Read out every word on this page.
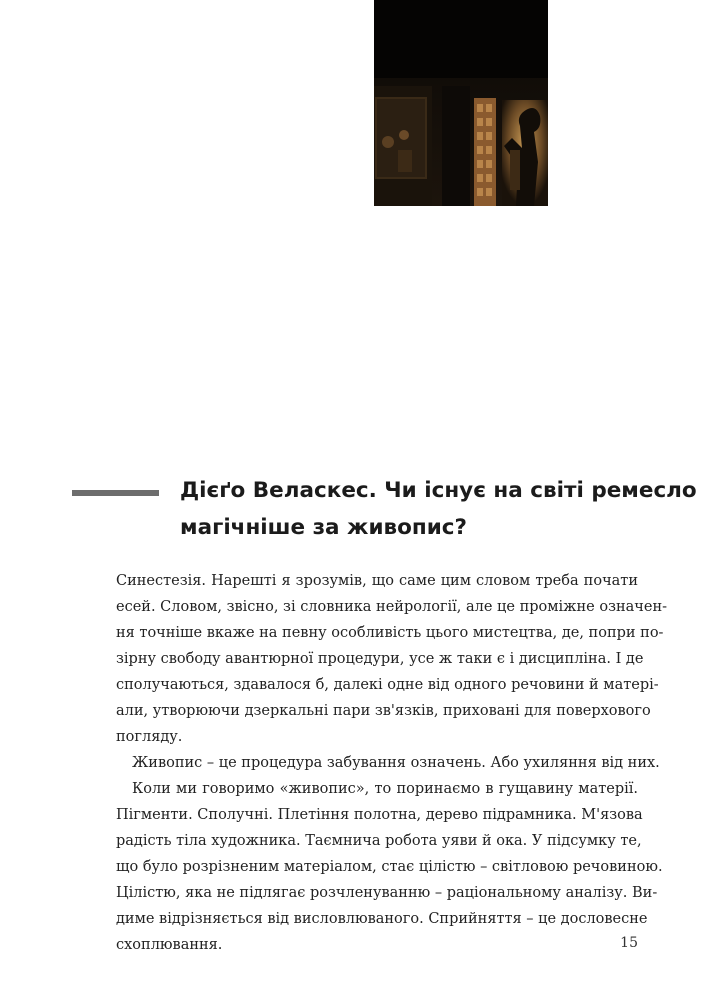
Дієґо Веласкес. Чи існує на світі ремесло
магічніше за живопис?
Синестезія. Нарешті я зрозумів, що саме цим словом треба почати
есей. Словом, звісно, зі словника нейрології, але це проміжне означен-
ня точніше вкаже на певну особливість цього мистецтва, де, попри по-
зірну свободу авантюрної процедури, усе ж таки є і дисципліна. І де
сполучаються, здавалося б, далекі одне від одного речовини й матері-
али, утворюючи дзеркальні пари зв'язків, приховані для поверхового
погляду.
Живопис – це процедура забування означень. Або ухиляння від них.
Коли ми говоримо «живопис», то поринаємо в гущавину матерії.
Пігменти. Сполучні. Плетіння полотна, дерево підрамника. М'язова
радість тіла художника. Таємнича робота уяви й ока. У підсумку те,
що було розрізненим матеріалом, стає цілістю – світловою речовиною.
Цілістю, яка не підлягає розчленуванню – раціональному аналізу. Ви-
диме відрізняється від висловлюваного. Сприйняття – це дословесне
схоплювання.	15
